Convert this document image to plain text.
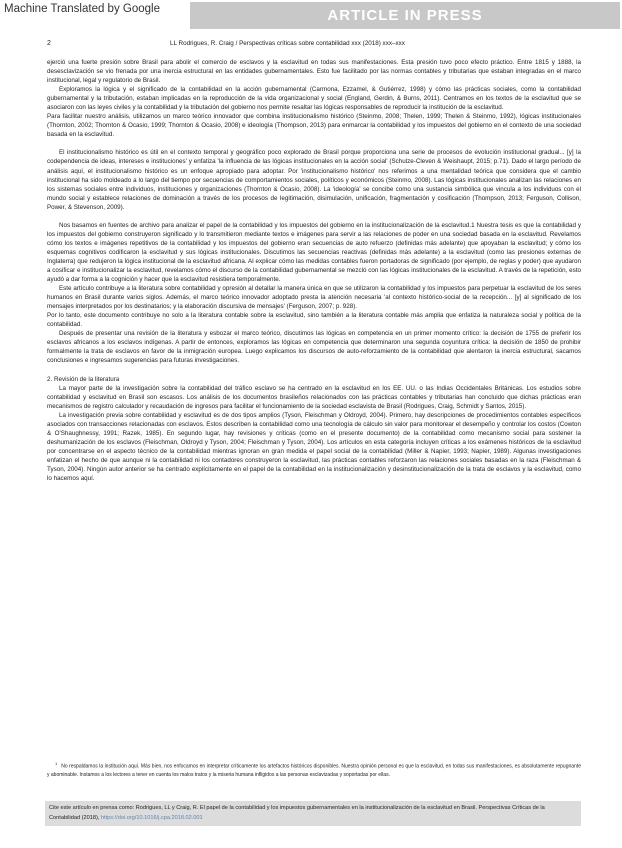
Machine Translated by Google	ARTICLE IN PRESS
2	LL Rodrigues, R. Craig / Perspectivas críticas sobre contabilidad xxx (2018) xxx–xxx

ejerció una fuerte presión sobre Brasil para abolir el comercio de esclavos y la esclavitud en todas sus manifestaciones. Esta presión tuvo poco efecto práctico. Entre 1815 y 1888, la desesclavización se vio frenada por una inercia estructural en las entidades gubernamentales. Esto fue facilitado por las normas contables y tributarias que estaban integradas en el marco institucional, legal y regulatorio de Brasil.

Exploramos la lógica y el significado de la contabilidad en la acción gubernamental (Carmona, Ezzamel, & Gutiérrez, 1998) y cómo las prácticas sociales, como la contabilidad gubernamental y la tributación, estaban implicadas en la reproducción de la vida organizacional y social (England, Gerdin, & Burns, 2011). Centramos en los textos de la esclavitud que se asociaron con las leyes civiles y la contabilidad y la tributación del gobierno nos permite resaltar las lógicas responsables de reproducir la institución de la esclavitud.

Para facilitar nuestro análisis, utilizamos un marco teórico innovador que combina institucionalismo histórico (Steinmo, 2008; Thelen, 1999; Thelen & Steinmo, 1992), lógicas institucionales (Thornton, 2002; Thornton & Ocasio, 1999; Thornton & Ocasio, 2008) e ideología (Thompson, 2013) para enmarcar la contabilidad y los impuestos del gobierno en el contexto de una sociedad basada en la esclavitud.

El institucionalismo histórico es útil en el contexto temporal y geográfico poco explorado de Brasil porque proporciona una serie de procesos de evolución institucional gradual... [y] la codependencia de ideas, intereses e instituciones' y enfatiza 'la influencia de las lógicas institucionales en la acción social' (Schulze-Cleven & Weishaupt, 2015; p.71). Dado el largo período de análisis aquí, el institucionalismo histórico es un enfoque apropiado para adoptar. Por 'institucionalismo histórico' nos referimos a una mentalidad teórica que considera que el cambio institucional ha sido moldeado a lo largo del tiempo por secuencias de comportamientos sociales, políticos y económicos (Steinmo, 2008). Las lógicas institucionales analizan las relaciones en los sistemas sociales entre individuos, instituciones y organizaciones (Thornton & Ocasio, 2008). La 'ideología' se concibe como una sustancia simbólica que vincula a los individuos con el mundo social y establece relaciones de dominación a través de los procesos de legitimación, disimulación, unificación, fragmentación y cosificación (Thompson, 2013; Ferguson, Collison, Power, & Stevenson, 2009).

Nos basamos en fuentes de archivo para analizar el papel de la contabilidad y los impuestos del gobierno en la institucionalización de la esclavitud.1 Nuestra tesis es que la contabilidad y los impuestos del gobierno construyeron significado y lo transmitieron mediante textos e imágenes para servir a las relaciones de poder en una sociedad basada en la esclavitud. Revelamos cómo los textos e imágenes repetitivos de la contabilidad y los impuestos del gobierno eran secuencias de auto refuerzo (definidas más adelante) que apoyaban la esclavitud; y cómo los esquemas cognitivos codificaron la esclavitud y sus lógicas institucionales. Discutimos las secuencias reactivas (definidas más adelante) a la esclavitud (como las presiones externas de Inglaterra) que redujeron la lógica institucional de la esclavitud africana. Al explicar cómo las medidas contables fueron portadoras de significado (por ejemplo, de reglas y poder) que ayudaron a cosificar e institucionalizar la esclavitud, revelamos cómo el discurso de la contabilidad gubernamental se mezcló con las lógicas institucionales de la esclavitud. A través de la repetición, esto ayudó a dar forma a la cognición y hacer que la esclavitud resistiera temporalmente.

Este artículo contribuye a la literatura sobre contabilidad y opresión al detallar la manera única en que se utilizaron la contabilidad y los impuestos para perpetuar la esclavitud de los seres humanos en Brasil durante varios siglos. Además, el marco teórico innovador adoptado presta la atención necesaria 'al contexto histórico-social de la recepción... [y] al significado de los mensajes interpretados por los destinatarios; y la elaboración discursiva de mensajes' (Ferguson, 2007; p. 928).

Por lo tanto, este documento contribuye no solo a la literatura contable sobre la esclavitud, sino también a la literatura contable más amplia que enfatiza la naturaleza social y política de la contabilidad.

Después de presentar una revisión de la literatura y esbozar el marco teórico, discutimos las lógicas en competencia en un primer momento crítico: la decisión de 1755 de preferir los esclavos africanos a los esclavos indígenas. A partir de entonces, exploramos las lógicas en competencia que determinaron una segunda coyuntura crítica: la decisión de 1850 de prohibir formalmente la trata de esclavos en favor de la inmigración europea. Luego explicamos los discursos de auto-reforzamiento de la contabilidad que alentaron la inercia estructural, sacamos conclusiones e ingresamos sugerencias para futuras investigaciones.

2. Revisión de la literatura

La mayor parte de la investigación sobre la contabilidad del tráfico esclavo se ha centrado en la esclavitud en los EE. UU. o las Indias Occidentales Británicas. Los estudios sobre contabilidad y esclavitud en Brasil son escasos. Los análisis de los documentos brasileños relacionados con las prácticas contables y tributarias han concluido que dichas prácticas eran mecanismos de registro calculador y recaudación de ingresos para facilitar el funcionamiento de la sociedad esclavista de Brasil (Rodrigues, Craig, Schmidt y Santos, 2015).

La investigación previa sobre contabilidad y esclavitud es de dos tipos amplios (Tyson, Fleischman y Oldroyd, 2004). Primero, hay descripciones de procedimientos contables específicos asociados con transacciones relacionadas con esclavos. Estos describen la contabilidad como una tecnología de cálculo sin valor para monitorear el desempeño y controlar los costos (Cowton & O'Shaughnessy, 1991; Razek, 1985). En segundo lugar, hay revisiones y críticas (como en el presente documento) de la contabilidad como mecanismo social para sostener la deshumanización de los esclavos (Fleischman, Oldroyd y Tyson, 2004; Fleischman y Tyson, 2004). Los artículos en esta categoría incluyen críticas a los exámenes históricos de la esclavitud por concentrarse en el aspecto técnico de la contabilidad mientras ignoran en gran medida el papel social de la contabilidad (Miller & Napier, 1993; Napier, 1989). Algunas investigaciones enfatizan el hecho de que aunque ni la contabilidad ni los contadores construyeron la esclavitud, las prácticas contables reforzaron las relaciones sociales basadas en la raza (Fleischman & Tyson, 2004). Ningún autor anterior se ha centrado explícitamente en el papel de la contabilidad en la institucionalización y desinstitucionalización de la trata de esclavos y la esclavitud, como lo hacemos aquí.

$^1$No respaldamos la institución aquí. Más bien, nos enfocamos en interpretar críticamente los artefactos históricos disponibles. Nuestra opinión personal es que la esclavitud, en todas sus manifestaciones, es absolutamente repugnante y abominable. Instamos a los lectores a tener en cuenta los malos tratos y la miseria humana infligidos a las personas esclavizadas y soportadas por ellas.

Cite este artículo en prensa como: Rodrigues, LL y Craig, R. El papel de la contabilidad y los impuestos gubernamentales en la institucionalización de la esclavitud en Brasil. Perspectivas Críticas de la Contabilidad (2018), https://doi.org/10.1016/j.cpa.2018.02.001
